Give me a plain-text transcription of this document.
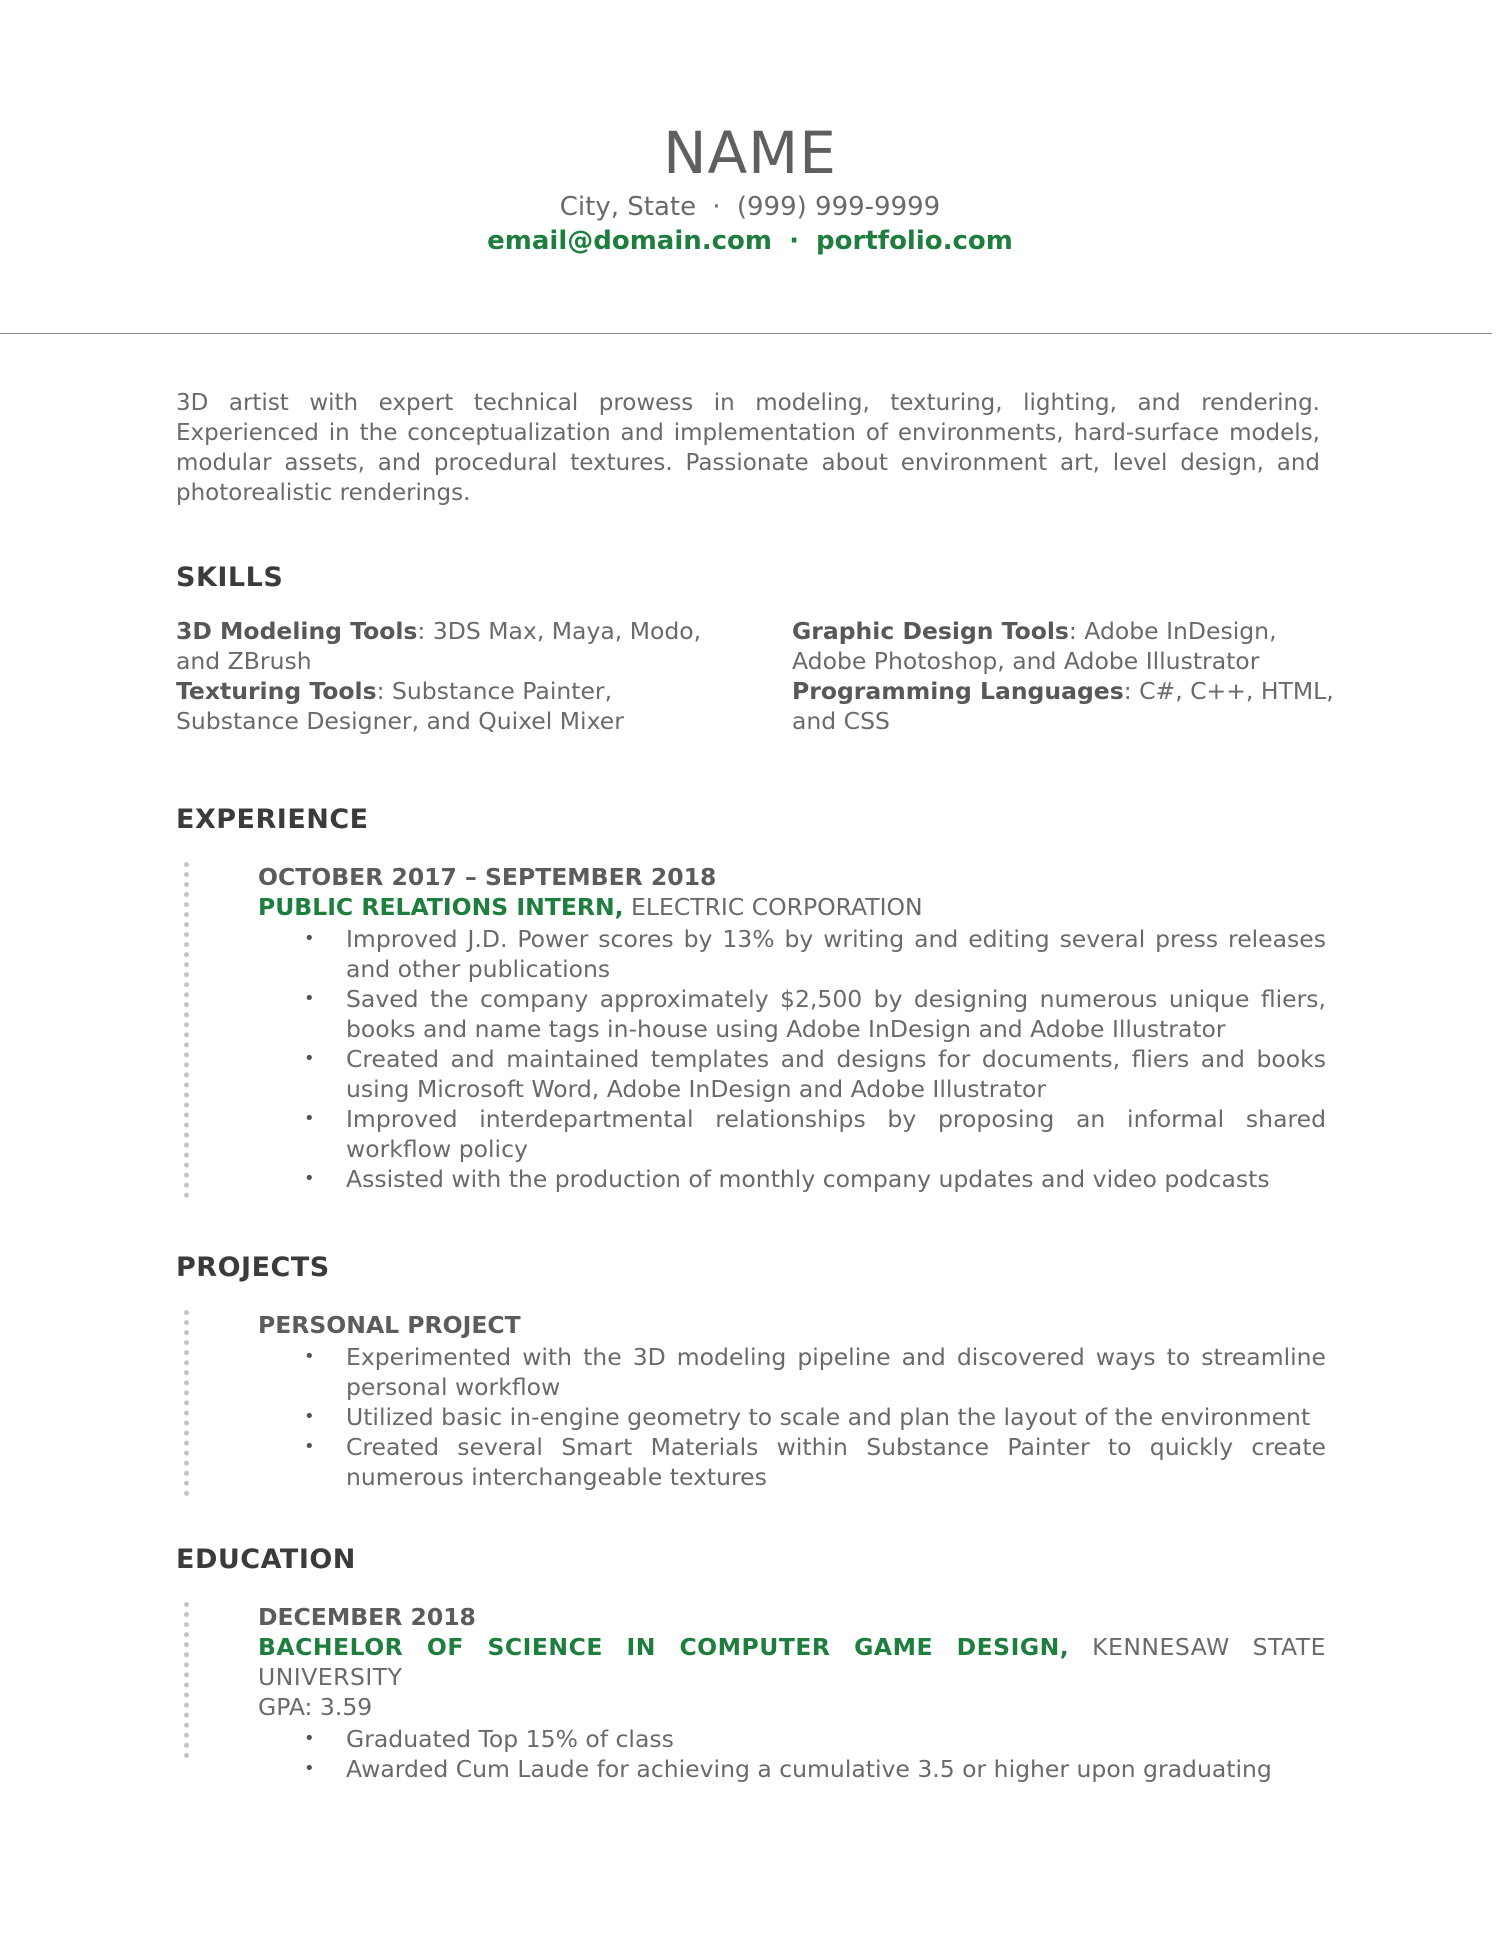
NAME
City, State · (999) 999-9999
email@domain.com · portfolio.com
3D artist with expert technical prowess in modeling, texturing, lighting, and rendering. Experienced in the conceptualization and implementation of environments, hard-surface models, modular assets, and procedural textures. Passionate about environment art, level design, and photorealistic renderings.
SKILLS
3D Modeling Tools: 3DS Max, Maya, Modo, and ZBrush
Texturing Tools: Substance Painter, Substance Designer, and Quixel Mixer
Graphic Design Tools: Adobe InDesign, Adobe Photoshop, and Adobe Illustrator
Programming Languages: C#, C++, HTML, and CSS
EXPERIENCE
OCTOBER 2017 – SEPTEMBER 2018
PUBLIC RELATIONS INTERN, ELECTRIC CORPORATION
• Improved J.D. Power scores by 13% by writing and editing several press releases and other publications
• Saved the company approximately $2,500 by designing numerous unique fliers, books and name tags in-house using Adobe InDesign and Adobe Illustrator
• Created and maintained templates and designs for documents, fliers and books using Microsoft Word, Adobe InDesign and Adobe Illustrator
• Improved interdepartmental relationships by proposing an informal shared workflow policy
• Assisted with the production of monthly company updates and video podcasts
PROJECTS
PERSONAL PROJECT
• Experimented with the 3D modeling pipeline and discovered ways to streamline personal workflow
• Utilized basic in-engine geometry to scale and plan the layout of the environment
• Created several Smart Materials within Substance Painter to quickly create numerous interchangeable textures
EDUCATION
DECEMBER 2018
BACHELOR OF SCIENCE IN COMPUTER GAME DESIGN, KENNESAW STATE UNIVERSITY
GPA: 3.59
• Graduated Top 15% of class
• Awarded Cum Laude for achieving a cumulative 3.5 or higher upon graduating
